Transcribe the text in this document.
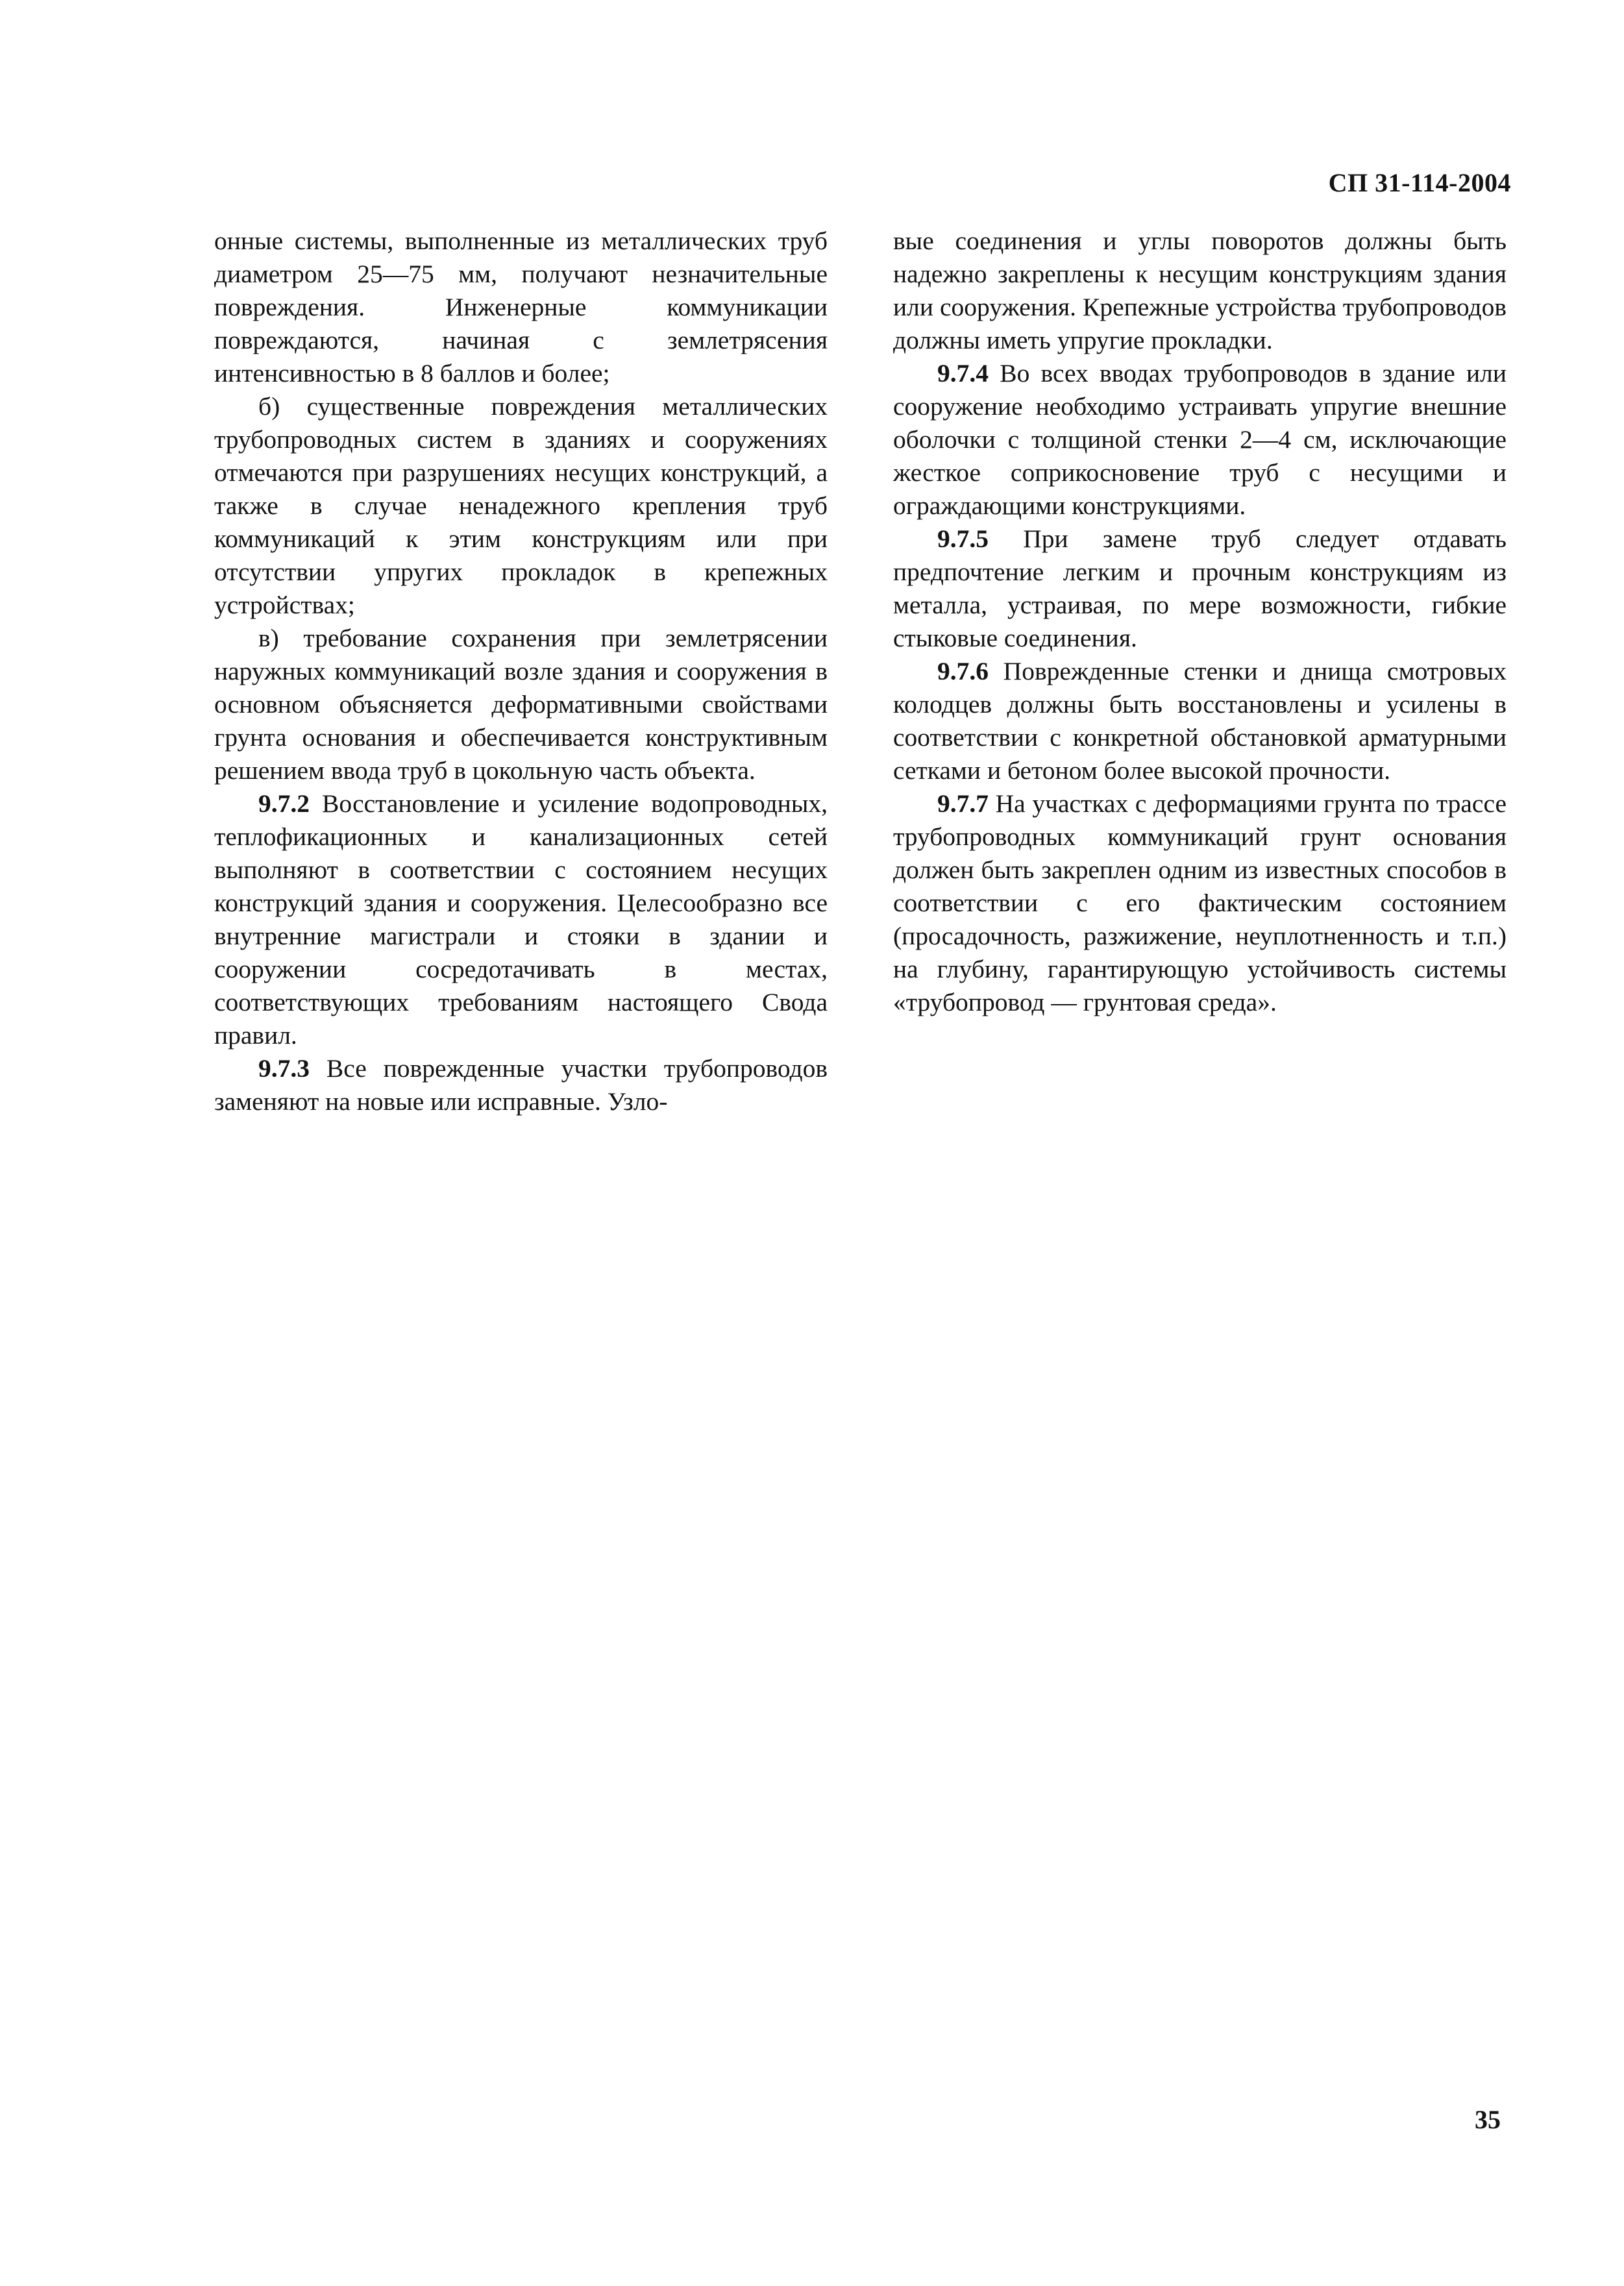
СП 31-114-2004

онные системы, выполненные из металлических труб диаметром 25—75 мм, получают незначительные повреждения. Инженерные коммуникации повреждаются, начиная с землетрясения интенсивностью в 8 баллов и более;

б) существенные повреждения металлических трубопроводных систем в зданиях и сооружениях отмечаются при разрушениях несущих конструкций, а также в случае ненадежного крепления труб коммуникаций к этим конструкциям или при отсутствии упругих прокладок в крепежных устройствах;

в) требование сохранения при землетрясении наружных коммуникаций возле здания и сооружения в основном объясняется деформативными свойствами грунта основания и обеспечивается конструктивным решением ввода труб в цокольную часть объекта.

9.7.2 Восстановление и усиление водопроводных, теплофикационных и канализационных сетей выполняют в соответствии с состоянием несущих конструкций здания и сооружения. Целесообразно все внутренние магистрали и стояки в здании и сооружении сосредотачивать в местах, соответствующих требованиям настоящего Свода правил.

9.7.3 Все поврежденные участки трубопроводов заменяют на новые или исправные. Узло-

вые соединения и углы поворотов должны быть надежно закреплены к несущим конструкциям здания или сооружения. Крепежные устройства трубопроводов должны иметь упругие прокладки.

9.7.4 Во всех вводах трубопроводов в здание или сооружение необходимо устраивать упругие внешние оболочки с толщиной стенки 2—4 см, исключающие жесткое соприкосновение труб с несущими и ограждающими конструкциями.

9.7.5 При замене труб следует отдавать предпочтение легким и прочным конструкциям из металла, устраивая, по мере возможности, гибкие стыковые соединения.

9.7.6 Поврежденные стенки и днища смотровых колодцев должны быть восстановлены и усилены в соответствии с конкретной обстановкой арматурными сетками и бетоном более высокой прочности.

9.7.7 На участках с деформациями грунта по трассе трубопроводных коммуникаций грунт основания должен быть закреплен одним из известных способов в соответствии с его фактическим состоянием (просадочность, разжижение, неуплотненность и т.п.) на глубину, гарантирующую устойчивость системы «трубопровод — грунтовая среда».

35
